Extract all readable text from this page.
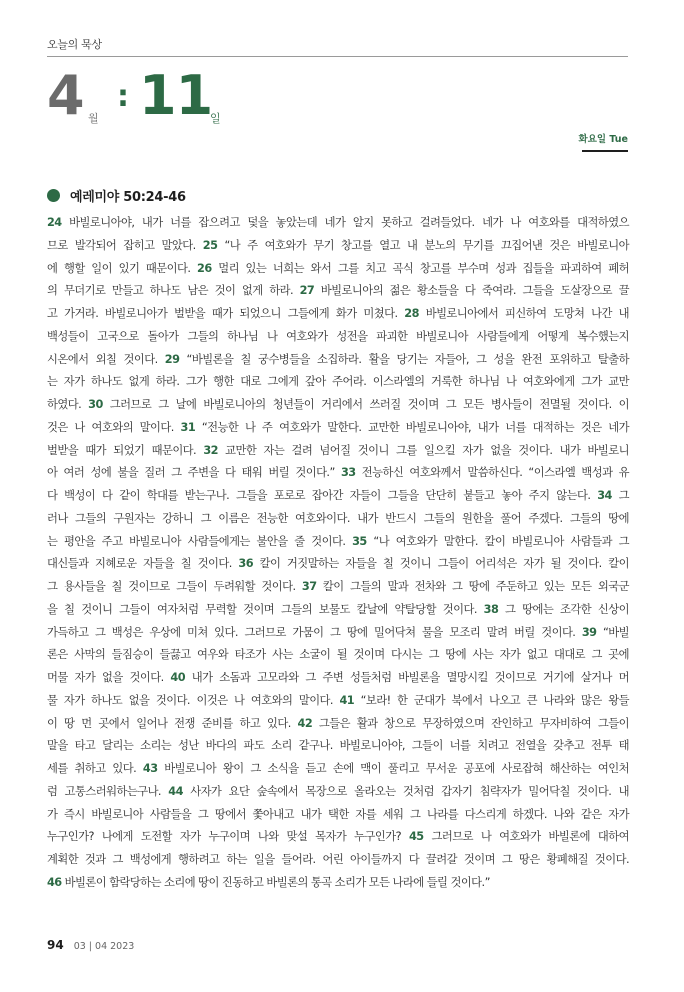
오늘의 묵상
4 월
: 11
일
화요일 Tue
예레미야 50:24-46
24 바빌로니아야, 내가 너를 잡으려고 덫을 놓았는데 네가 알지 못하고 걸려들었다. 네가 나 여호와를 대적하였으
므로 발각되어 잡히고 말았다. 25 “나 주 여호와가 무기 창고를 열고 내 분노의 무기를 끄집어낸 것은 바빌로니아
에 행할 일이 있기 때문이다. 26 멀리 있는 너희는 와서 그를 치고 곡식 창고를 부수며 성과 집들을 파괴하여 폐허
의 무더기로 만들고 하나도 남은 것이 없게 하라. 27 바빌로니아의 젊은 황소들을 다 죽여라. 그들을 도살장으로 끌
고 가거라. 바빌로니아가 벌받을 때가 되었으니 그들에게 화가 미쳤다. 28 바빌로니아에서 피신하여 도망쳐 나간 내
백성들이 고국으로 돌아가 그들의 하나님 나 여호와가 성전을 파괴한 바빌로니아 사람들에게 어떻게 복수했는지
시온에서 외칠 것이다. 29 “바빌론을 칠 궁수병들을 소집하라. 활을 당기는 자들아, 그 성을 완전 포위하고 탈출하
는 자가 하나도 없게 하라. 그가 행한 대로 그에게 갚아 주어라. 이스라엘의 거룩한 하나님 나 여호와에게 그가 교만
하였다. 30 그러므로 그 날에 바빌로니아의 청년들이 거리에서 쓰러질 것이며 그 모든 병사들이 전멸될 것이다. 이
것은 나 여호와의 말이다. 31 “전능한 나 주 여호와가 말한다. 교만한 바빌로니아야, 내가 너를 대적하는 것은 네가
벌받을 때가 되었기 때문이다. 32 교만한 자는 걸려 넘어질 것이니 그를 일으킬 자가 없을 것이다. 내가 바빌로니
아 여러 성에 불을 질러 그 주변을 다 태워 버릴 것이다.” 33 전능하신 여호와께서 말씀하신다. “이스라엘 백성과 유
다 백성이 다 같이 학대를 받는구나. 그들을 포로로 잡아간 자들이 그들을 단단히 붙들고 놓아 주지 않는다. 34 그
러나 그들의 구원자는 강하니 그 이름은 전능한 여호와이다. 내가 반드시 그들의 원한을 풀어 주겠다. 그들의 땅에
는 평안을 주고 바빌로니아 사람들에게는 불안을 줄 것이다. 35 “나 여호와가 말한다. 칼이 바빌로니아 사람들과 그
대신들과 지혜로운 자들을 칠 것이다. 36 칼이 거짓말하는 자들을 칠 것이니 그들이 어리석은 자가 될 것이다. 칼이
그 용사들을 칠 것이므로 그들이 두려워할 것이다. 37 칼이 그들의 말과 전차와 그 땅에 주둔하고 있는 모든 외국군
을 칠 것이니 그들이 여자처럼 무력할 것이며 그들의 보물도 칼날에 약탈당할 것이다. 38 그 땅에는 조각한 신상이
가득하고 그 백성은 우상에 미쳐 있다. 그러므로 가뭄이 그 땅에 밀어닥쳐 물을 모조리 말려 버릴 것이다. 39 “바빌
론은 사막의 들짐승이 들끓고 여우와 타조가 사는 소굴이 될 것이며 다시는 그 땅에 사는 자가 없고 대대로 그 곳에
머물 자가 없을 것이다. 40 내가 소돔과 고모라와 그 주변 성들처럼 바빌론을 멸망시킬 것이므로 거기에 살거나 머
물 자가 하나도 없을 것이다. 이것은 나 여호와의 말이다. 41 “보라! 한 군대가 북에서 나오고 큰 나라와 많은 왕들
이 땅 먼 곳에서 일어나 전쟁 준비를 하고 있다. 42 그들은 활과 창으로 무장하였으며 잔인하고 무자비하여 그들이
말을 타고 달리는 소리는 성난 바다의 파도 소리 같구나. 바빌로니아야, 그들이 너를 치려고 전열을 갖추고 전투 태
세를 취하고 있다. 43 바빌로니아 왕이 그 소식을 듣고 손에 맥이 풀리고 무서운 공포에 사로잡혀 해산하는 여인처
럼 고통스러워하는구나. 44 사자가 요단 숲속에서 목장으로 올라오는 것처럼 갑자기 침략자가 밀어닥칠 것이다. 내
가 즉시 바빌로니아 사람들을 그 땅에서 쫓아내고 내가 택한 자를 세워 그 나라를 다스리게 하겠다. 나와 같은 자가
누구인가? 나에게 도전할 자가 누구이며 나와 맞설 목자가 누구인가? 45 그러므로 나 여호와가 바빌론에 대하여
계획한 것과 그 백성에게 행하려고 하는 일을 들어라. 어린 아이들까지 다 끌려갈 것이며 그 땅은 황폐해질 것이다.
46 바빌론이 함락당하는 소리에 땅이 진동하고 바빌론의 통곡 소리가 모든 나라에 들릴 것이다.”
94 03 | 04 2023
